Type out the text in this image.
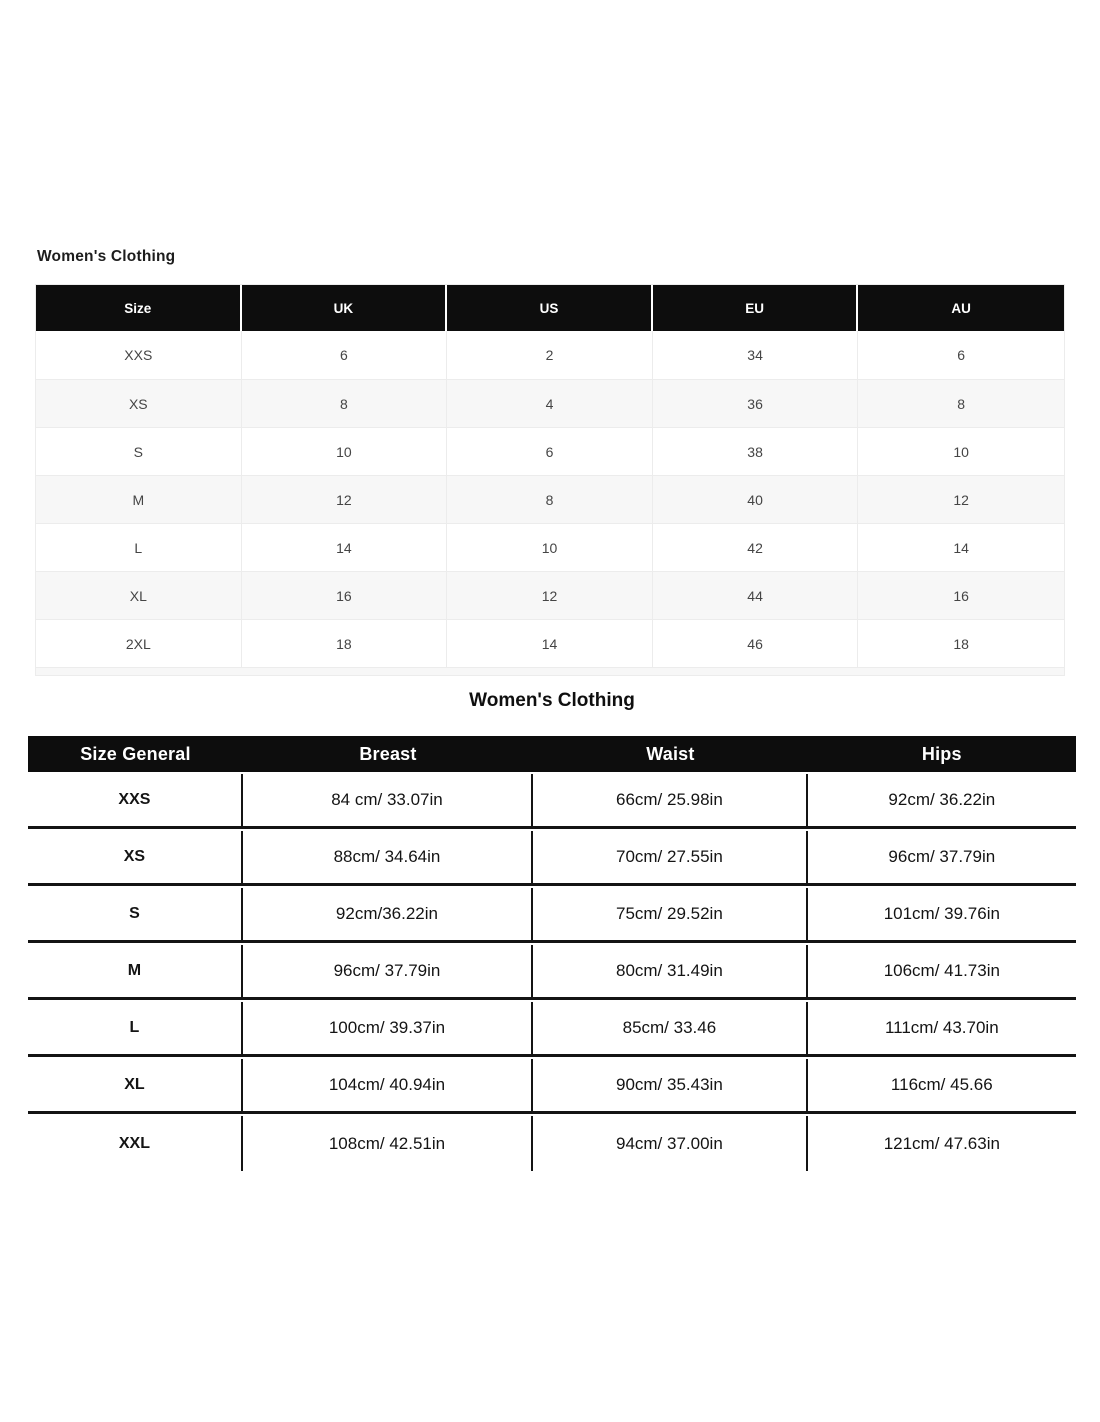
Women's Clothing
Size	UK	US	EU	AU
XXS	6	2	34	6
XS	8	4	36	8
S	10	6	38	10
M	12	8	40	12
L	14	10	42	14
XL	16	12	44	16
2XL	18	14	46	18
Women's Clothing
Size General	Breast	Waist	Hips
XXS	84 cm/ 33.07in	66cm/ 25.98in	92cm/ 36.22in
XS	88cm/ 34.64in	70cm/ 27.55in	96cm/ 37.79in
S	92cm/36.22in	75cm/ 29.52in	101cm/ 39.76in
M	96cm/ 37.79in	80cm/ 31.49in	106cm/ 41.73in
L	100cm/ 39.37in	85cm/ 33.46	111cm/ 43.70in
XL	104cm/ 40.94in	90cm/ 35.43in	116cm/ 45.66
XXL	108cm/ 42.51in	94cm/ 37.00in	121cm/ 47.63in
